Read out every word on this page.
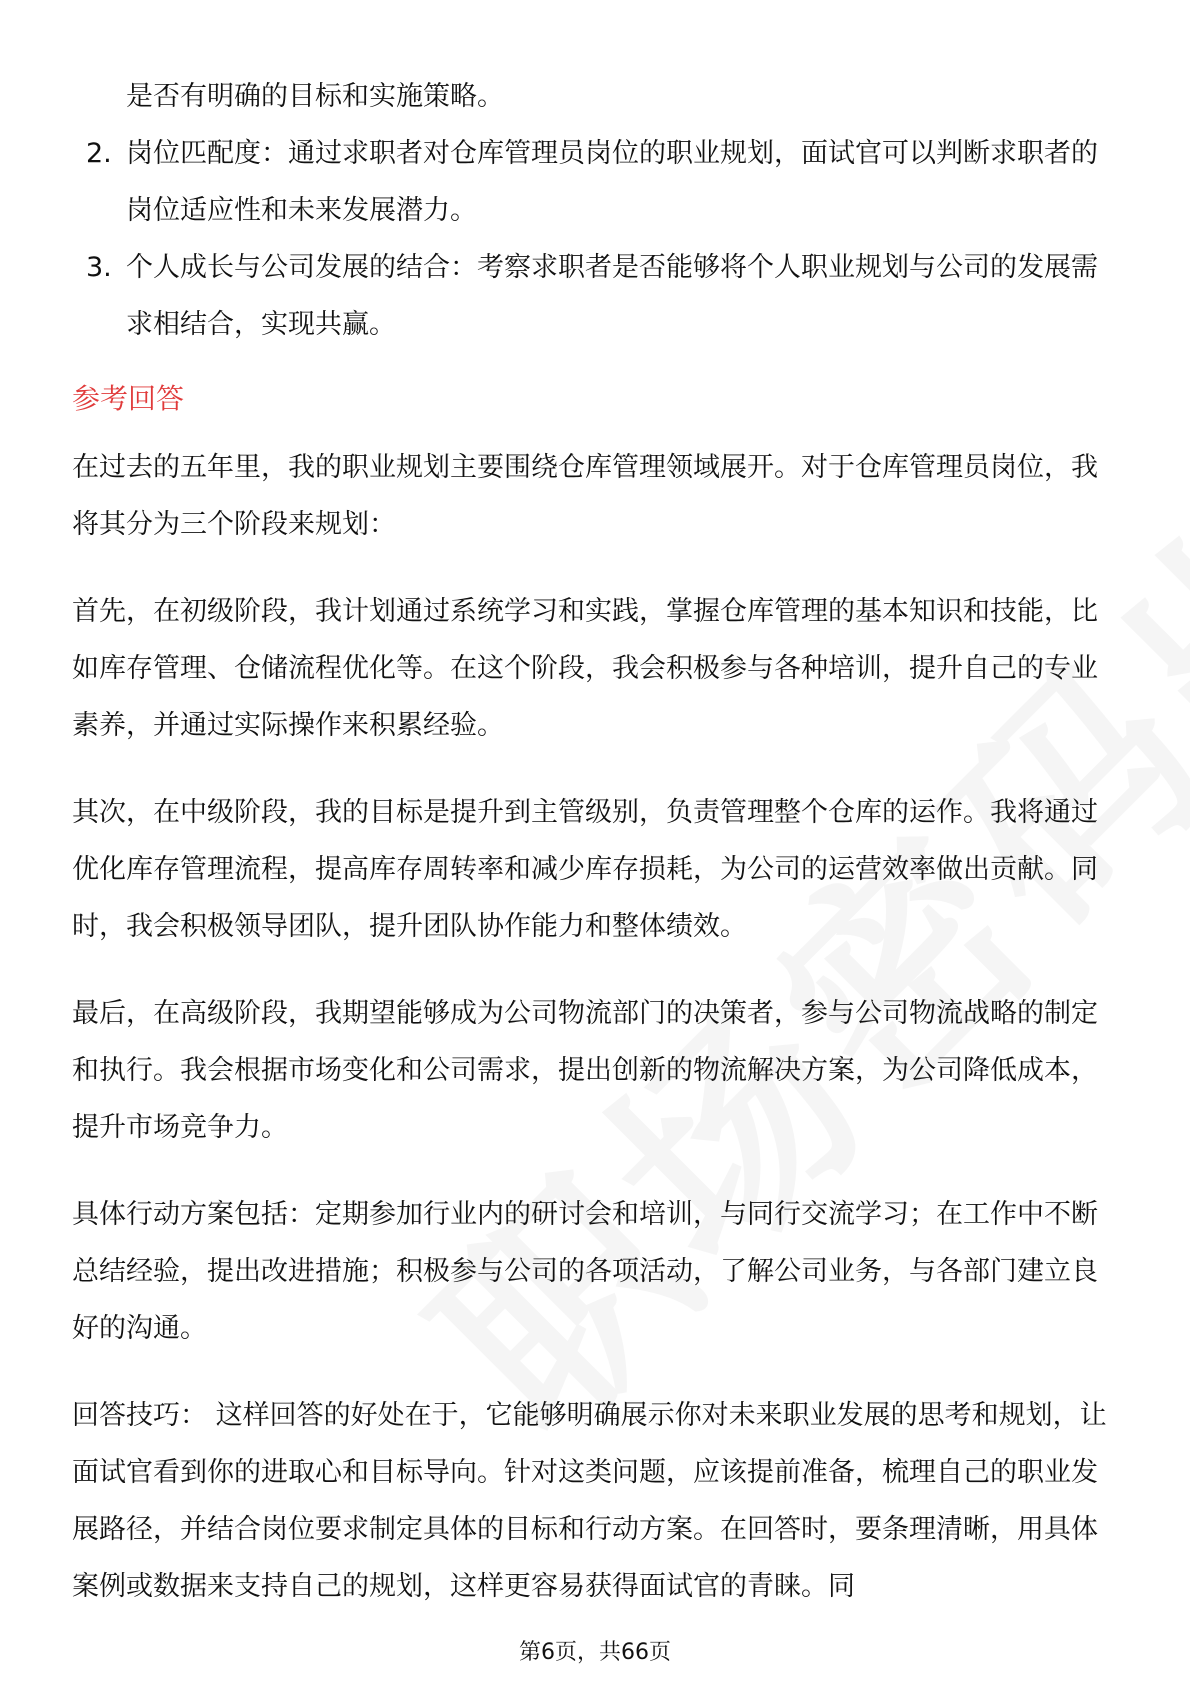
是否有明确的目标和实施策略。
2. 岗位匹配度：通过求职者对仓库管理员岗位的职业规划，面试官可以判断求职者的岗位适应性和未来发展潜力。
3. 个人成长与公司发展的结合：考察求职者是否能够将个人职业规划与公司的发展需求相结合，实现共赢。
参考回答

在过去的五年里，我的职业规划主要围绕仓库管理领域展开。对于仓库管理员岗位，我将其分为三个阶段来规划：

首先，在初级阶段，我计划通过系统学习和实践，掌握仓库管理的基本知识和技能，比如库存管理、仓储流程优化等。在这个阶段，我会积极参与各种培训，提升自己的专业素养，并通过实际操作来积累经验。

其次，在中级阶段，我的目标是提升到主管级别，负责管理整个仓库的运作。我将通过优化库存管理流程，提高库存周转率和减少库存损耗，为公司的运营效率做出贡献。同时，我会积极领导团队，提升团队协作能力和整体绩效。

最后，在高级阶段，我期望能够成为公司物流部门的决策者，参与公司物流战略的制定和执行。我会根据市场变化和公司需求，提出创新的物流解决方案，为公司降低成本，提升市场竞争力。

具体行动方案包括：定期参加行业内的研讨会和培训，与同行交流学习；在工作中不断总结经验，提出改进措施；积极参与公司的各项活动，了解公司业务，与各部门建立良好的沟通。

回答技巧： 这样回答的好处在于，它能够明确展示你对未来职业发展的思考和规划，让面试官看到你的进取心和目标导向。针对这类问题，应该提前准备，梳理自己的职业发展路径，并结合岗位要求制定具体的目标和行动方案。在回答时，要条理清晰，用具体案例或数据来支持自己的规划，这样更容易获得面试官的青睐。同

第6页，共66页
